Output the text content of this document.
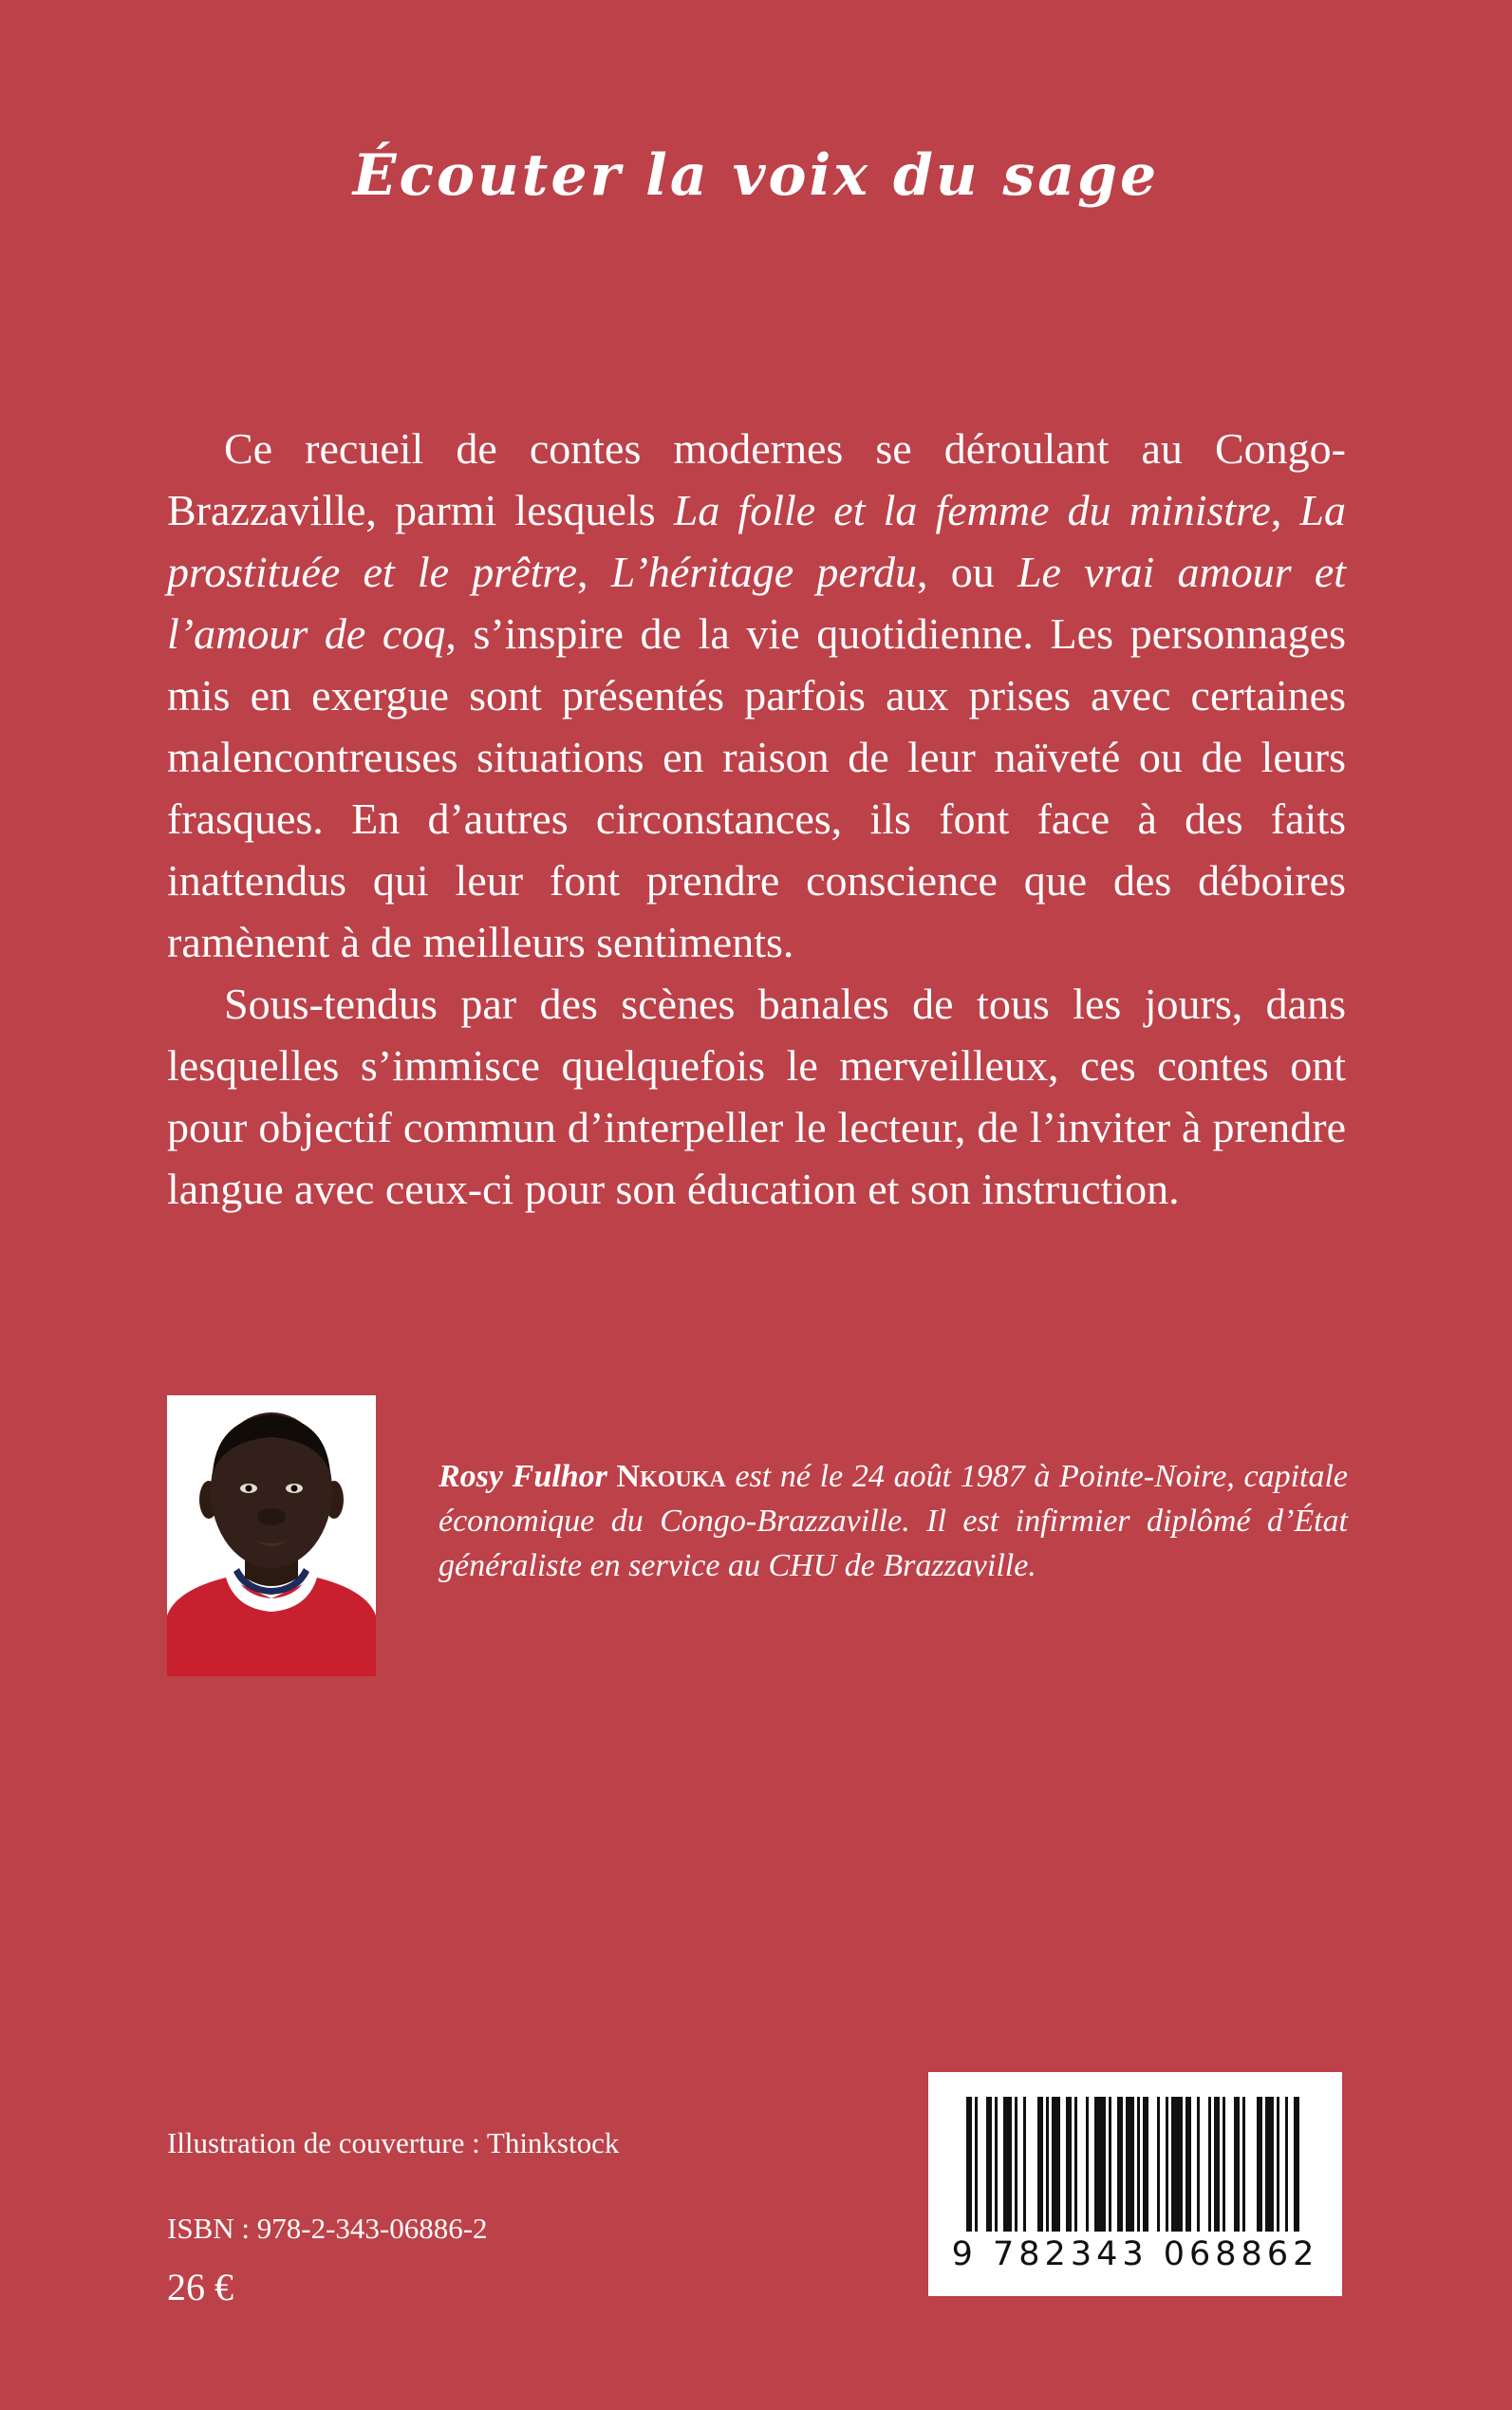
Écouter la voix du sage

Ce recueil de contes modernes se déroulant au Congo-Brazzaville, parmi lesquels La folle et la femme du ministre, La prostituée et le prêtre, L’héritage perdu, ou Le vrai amour et l’amour de coq, s’inspire de la vie quotidienne. Les personnages mis en exergue sont présentés parfois aux prises avec certaines malencontreuses situations en raison de leur naïveté ou de leurs frasques. En d’autres circonstances, ils font face à des faits inattendus qui leur font prendre conscience que des déboires ramènent à de meilleurs sentiments.

Sous-tendus par des scènes banales de tous les jours, dans lesquelles s’immisce quelquefois le merveilleux, ces contes ont pour objectif commun d’interpeller le lecteur, de l’inviter à prendre langue avec ceux-ci pour son éducation et son instruction.

Rosy Fulhor Nkouka est né le 24 août 1987 à Pointe-Noire, capitale économique du Congo-Brazzaville. Il est infirmier diplômé d’État généraliste en service au CHU de Brazzaville.
Illustration de couverture : Thinkstock
ISBN : 978-2-343-06886-2
26 €
9 782343 068862
